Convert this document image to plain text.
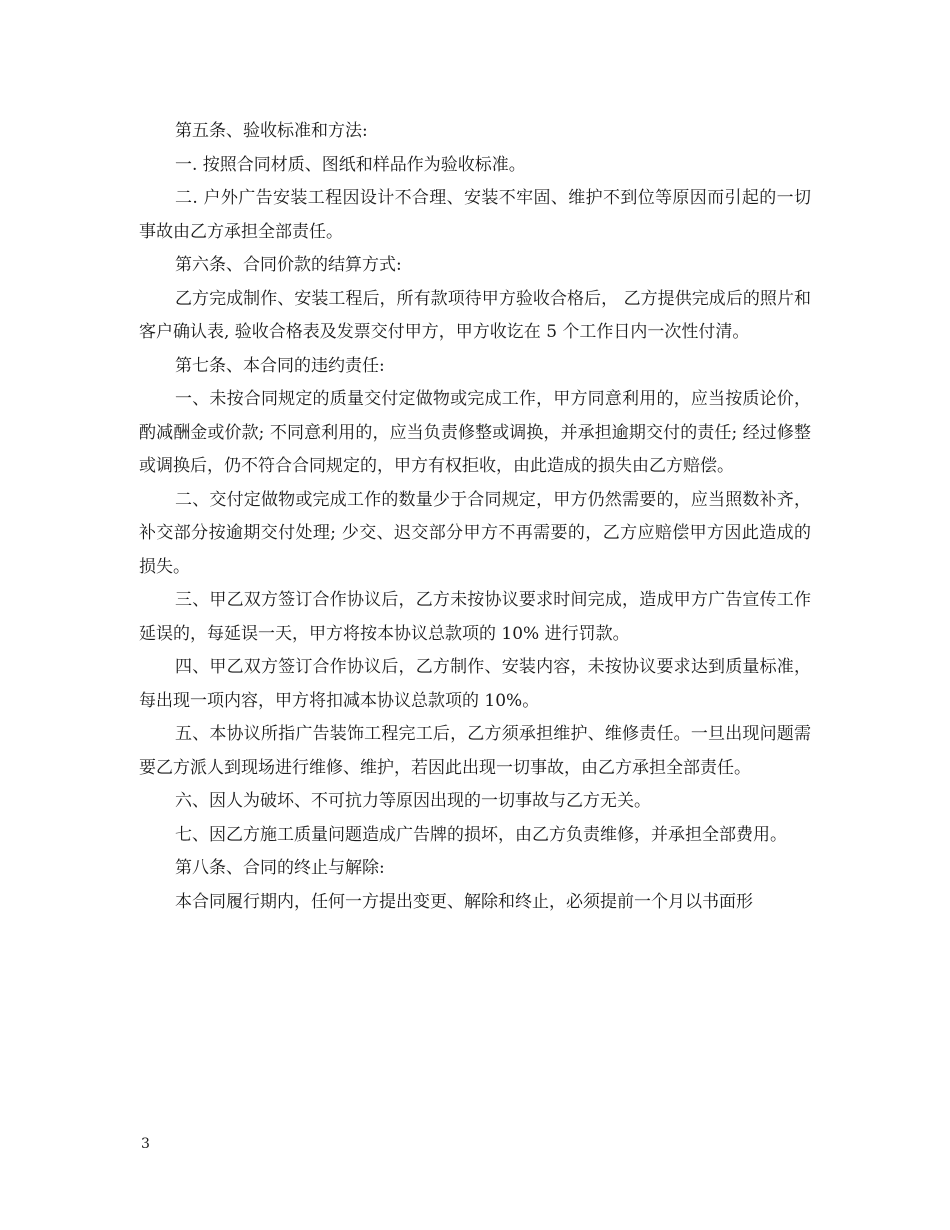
第五条、验收标准和方法:

一. 按照合同材质、图纸和样品作为验收标准。

二. 户外广告安装工程因设计不合理、安装不牢固、维护不到位等原因而引起的一切事故由乙方承担全部责任。

第六条、合同价款的结算方式:

乙方完成制作、安装工程后，所有款项待甲方验收合格后， 乙方提供完成后的照片和客户确认表, 验收合格表及发票交付甲方，甲方收讫在 5 个工作日内一次性付清。

第七条、本合同的违约责任:

一、未按合同规定的质量交付定做物或完成工作，甲方同意利用的，应当按质论价，酌减酬金或价款; 不同意利用的，应当负责修整或调换，并承担逾期交付的责任; 经过修整或调换后，仍不符合合同规定的，甲方有权拒收，由此造成的损失由乙方赔偿。

二、交付定做物或完成工作的数量少于合同规定，甲方仍然需要的，应当照数补齐，补交部分按逾期交付处理; 少交、迟交部分甲方不再需要的，乙方应赔偿甲方因此造成的损失。

三、甲乙双方签订合作协议后，乙方未按协议要求时间完成，造成甲方广告宣传工作延误的，每延误一天，甲方将按本协议总款项的 10% 进行罚款。

四、甲乙双方签订合作协议后，乙方制作、安装内容，未按协议要求达到质量标准，每出现一项内容，甲方将扣减本协议总款项的 10%。

五、本协议所指广告装饰工程完工后，乙方须承担维护、维修责任。一旦出现问题需要乙方派人到现场进行维修、维护，若因此出现一切事故，由乙方承担全部责任。

六、因人为破坏、不可抗力等原因出现的一切事故与乙方无关。

七、因乙方施工质量问题造成广告牌的损坏，由乙方负责维修，并承担全部费用。

第八条、合同的终止与解除:

本合同履行期内，任何一方提出变更、解除和终止，必须提前一个月以书面形

3
